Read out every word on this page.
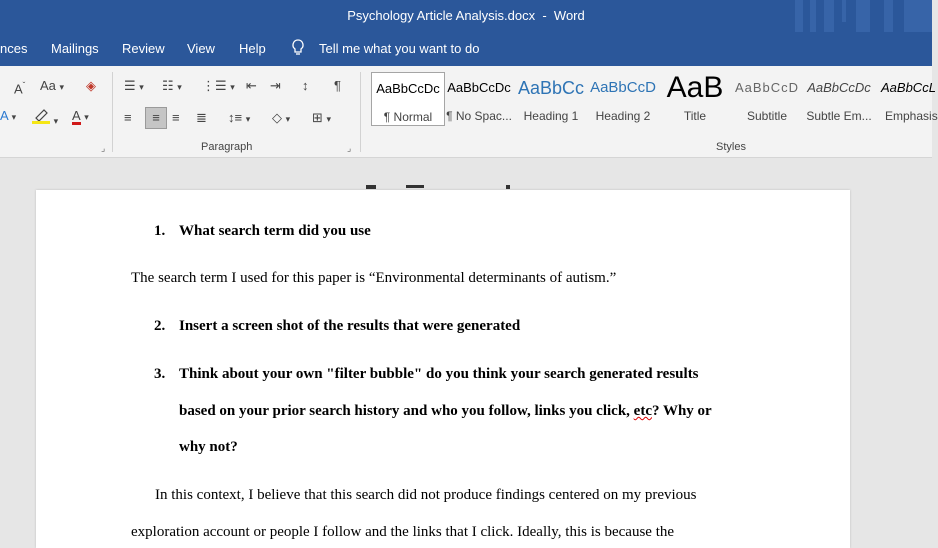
Psychology Article Analysis.docx  -  Word
nces Mailings Review View Help	Tell me what you want to do
$A^ˇ$ Aa ▾ ◈
A ▾	▾ A ▾
⌟
☰ ▾ ☷ ▾ ⋮☰ ▾ ⇤ ⇥ ↕ ¶
≡	≡ ≡ ≣ ↕≡ ▾ ◇ ▾ ⊞ ▾
Paragraph	⌟
AaBbCcDc
¶ Normal
AaBbCcDc
¶ No Spac...
AaBbCc
Heading 1
AaBbCcD
Heading 2
AaB
Title
AaBbCcD
Subtitle
AaBbCcDc
Subtle Em...
AaBbCcL
Emphasis
Styles
1. What search term did you use
The search term I used for this paper is “Environmental determinants of autism.”
2. Insert a screen shot of the results that were generated
3. Think about your own "filter bubble" do you think your search generated results
based on your prior search history and who you follow, links you click, etc? Why or
why not?
In this context, I believe that this search did not produce findings centered on my previous
exploration account or people I follow and the links that I click. Ideally, this is because the
